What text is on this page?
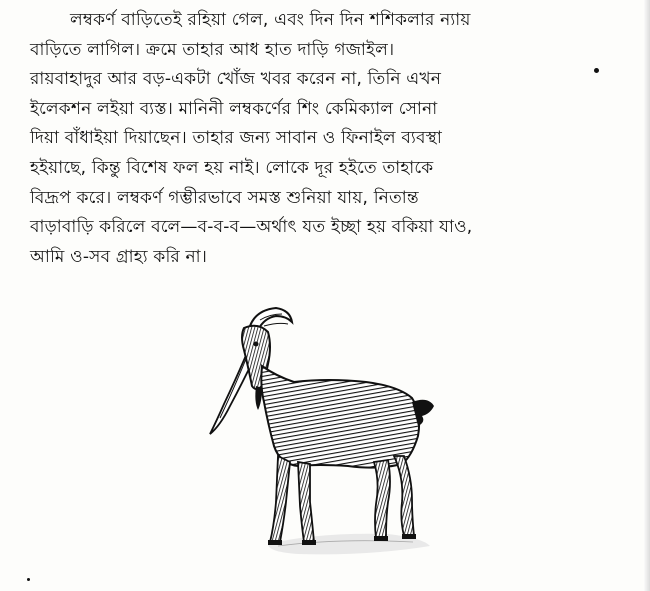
লম্বকর্ণ বাড়িতেই রহিয়া গেল, এবং দিন দিন শশিকলার ন্যায়
বাড়িতে লাগিল। ক্রমে তাহার আধ হাত দাড়ি গজাইল।
রায়বাহাদুর আর বড়-একটা খোঁজ খবর করেন না, তিনি এখন
ইলেকশন লইয়া ব্যস্ত। মানিনী লম্বকর্ণের শিং কেমিক্যাল সোনা
দিয়া বাঁধাইয়া দিয়াছেন। তাহার জন্য সাবান ও ফিনাইল ব্যবস্থা
হইয়াছে, কিন্তু বিশেষ ফল হয় নাই। লোকে দূর হইতে তাহাকে
বিদ্রূপ করে। লম্বকর্ণ গম্ভীরভাবে সমস্ত শুনিয়া যায়, নিতান্ত
বাড়াবাড়ি করিলে বলে—ব-ব-ব—অর্থাৎ যত ইচ্ছা হয় বকিয়া যাও,
আমি ও-সব গ্রাহ্য করি না।
